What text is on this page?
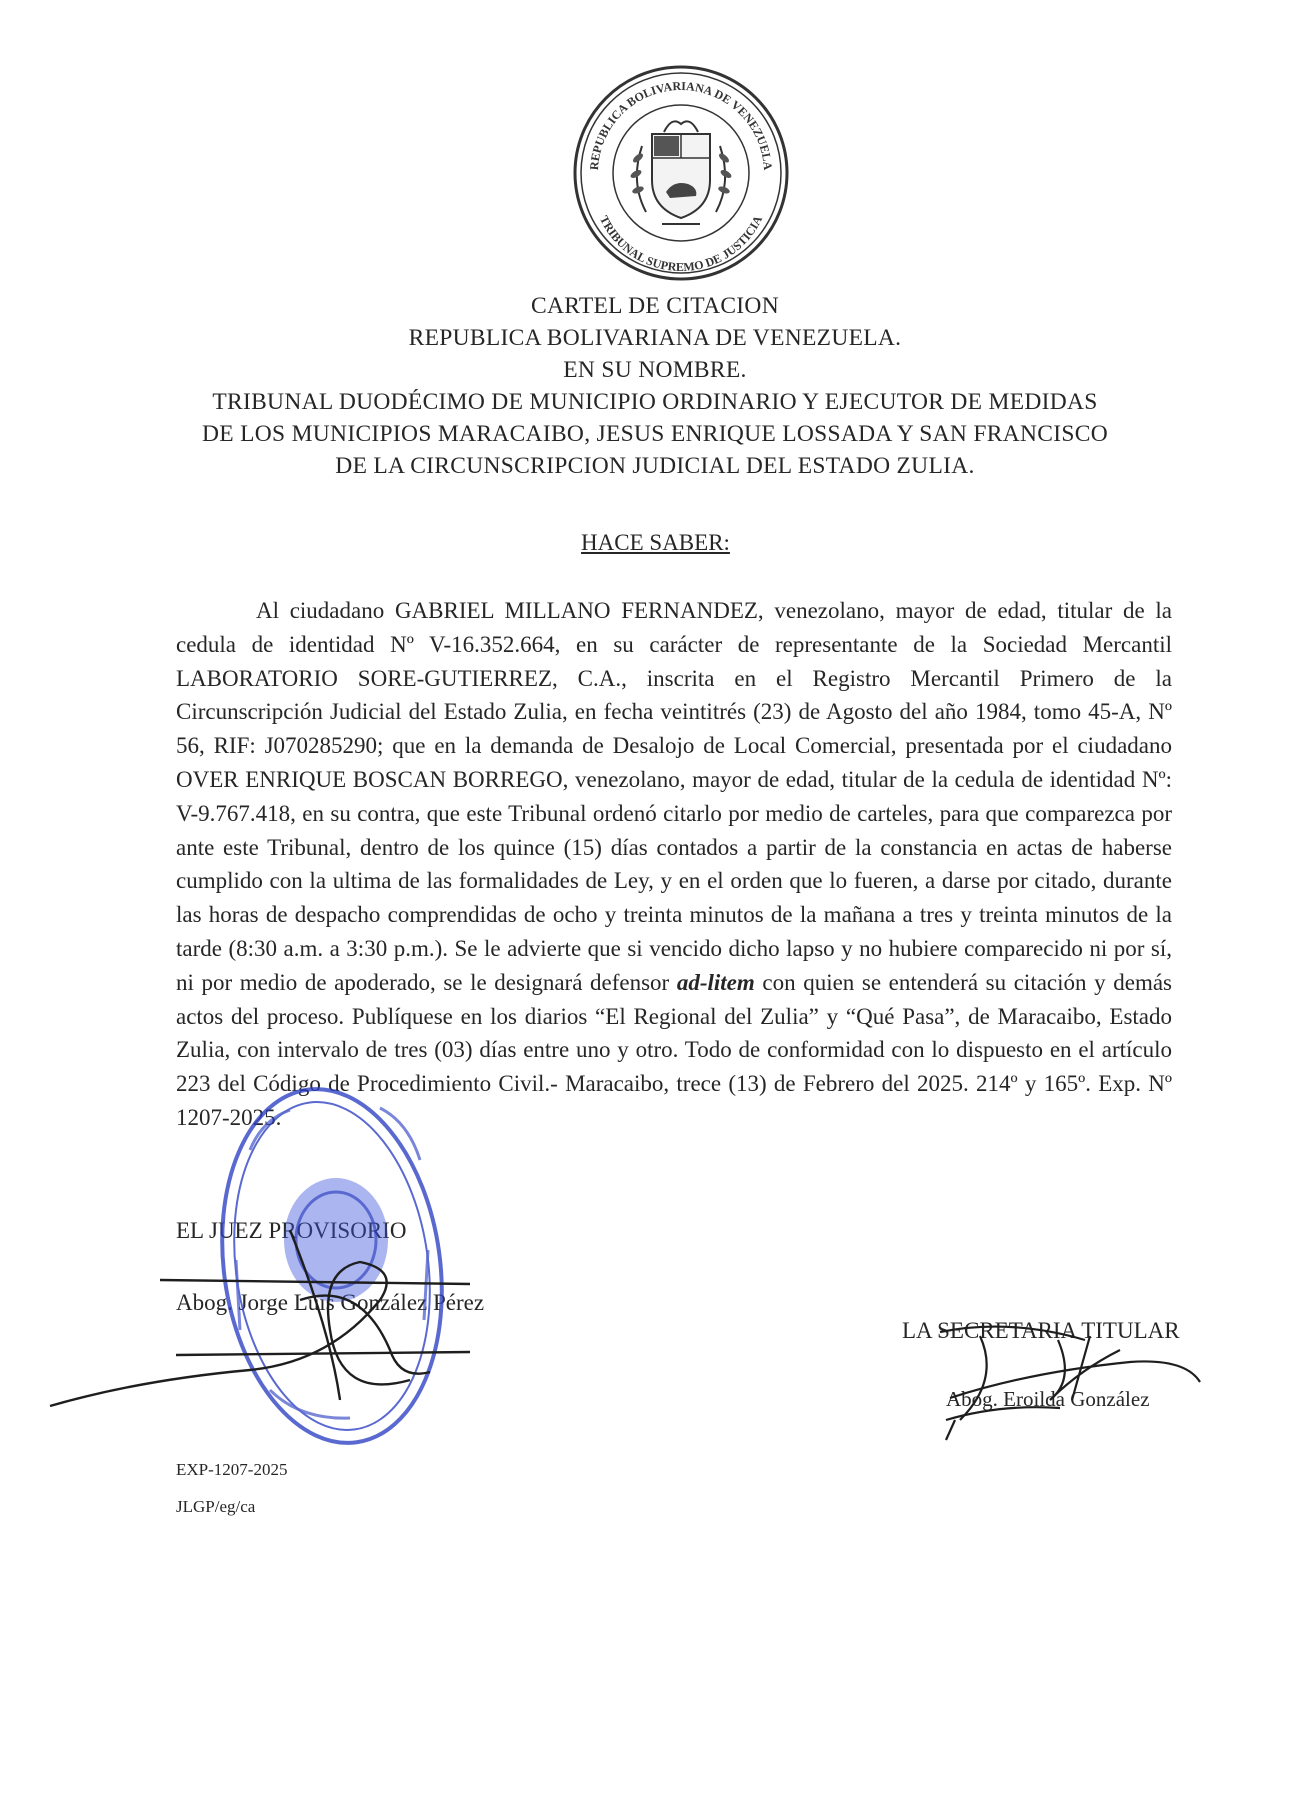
REPUBLICA BOLIVARIANA DE VENEZUELA
TRIBUNAL SUPREMO DE JUSTICIA
CARTEL DE CITACION
REPUBLICA BOLIVARIANA DE VENEZUELA.
EN SU NOMBRE.
TRIBUNAL DUODÉCIMO DE MUNICIPIO ORDINARIO Y EJECUTOR DE MEDIDAS
DE LOS MUNICIPIOS MARACAIBO, JESUS ENRIQUE LOSSADA Y SAN FRANCISCO
DE LA CIRCUNSCRIPCION JUDICIAL DEL ESTADO ZULIA.
HACE SABER:
Al ciudadano GABRIEL MILLANO FERNANDEZ, venezolano, mayor de edad, titular de la cedula de identidad Nº V-16.352.664, en su carácter de representante de la Sociedad Mercantil LABORATORIO SORE-GUTIERREZ, C.A., inscrita en el Registro Mercantil Primero de la Circunscripción Judicial del Estado Zulia, en fecha veintitrés (23) de Agosto del año 1984, tomo 45-A, Nº 56, RIF: J070285290; que en la demanda de Desalojo de Local Comercial, presentada por el ciudadano OVER ENRIQUE BOSCAN BORREGO, venezolano, mayor de edad, titular de la cedula de identidad Nº: V-9.767.418, en su contra, que este Tribunal ordenó citarlo por medio de carteles, para que comparezca por ante este Tribunal, dentro de los quince (15) días contados a partir de la constancia en actas de haberse cumplido con la ultima de las formalidades de Ley, y en el orden que lo fueren, a darse por citado, durante las horas de despacho comprendidas de ocho y treinta minutos de la mañana a tres y treinta minutos de la tarde (8:30 a.m. a 3:30 p.m.). Se le advierte que si vencido dicho lapso y no hubiere comparecido ni por sí, ni por medio de apoderado, se le designará defensor ad-litem con quien se entenderá su citación y demás actos del proceso. Publíquese en los diarios “El Regional del Zulia” y “Qué Pasa”, de Maracaibo, Estado Zulia, con intervalo de tres (03) días entre uno y otro. Todo de conformidad con lo dispuesto en el artículo 223 del Código de Procedimiento Civil.- Maracaibo, trece (13) de Febrero del 2025. 214º y 165º. Exp. Nº 1207-2025.
EL JUEZ PROVISORIO
Abog. Jorge Luis González Pérez
LA SECRETARIA TITULAR
Abog. Eroilda González
EXP-1207-2025
JLGP/eg/ca
